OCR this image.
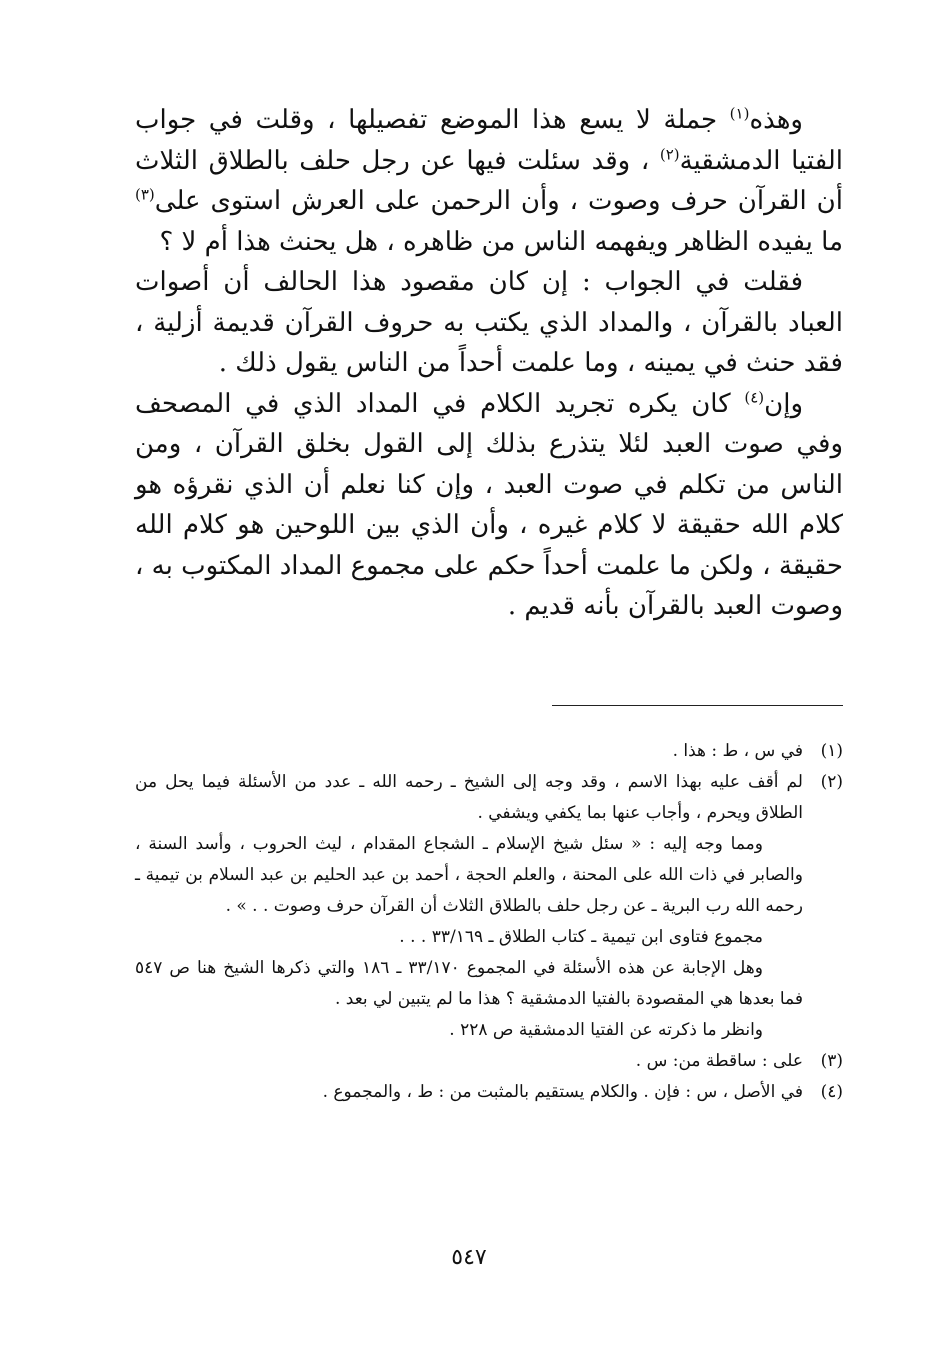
وهذه$^{(١)}$ جملة لا يسع هذا الموضع تفصيلها ، وقلت في جواب الفتيا الدمشقية$^{(٢)}$ ، وقد سئلت فيها عن رجل حلف بالطلاق الثلاث أن القرآن حرف وصوت ، وأن الرحمن على العرش استوى على$^{(٣)}$ ما يفيده الظاهر ويفهمه الناس من ظاهره ، هل يحنث هذا أم لا ؟

فقلت في الجواب : إن كان مقصود هذا الحالف أن أصوات العباد بالقرآن ، والمداد الذي يكتب به حروف القرآن قديمة أزلية ، فقد حنث في يمينه ، وما علمت أحداً من الناس يقول ذلك .

وإن$^{(٤)}$ كان يكره تجريد الكلام في المداد الذي في المصحف وفي صوت العبد لئلا يتذرع بذلك إلى القول بخلق القرآن ، ومن الناس من تكلم في صوت العبد ، وإن كنا نعلم أن الذي نقرؤه هو كلام الله حقيقة لا كلام غيره ، وأن الذي بين اللوحين هو كلام الله حقيقة ، ولكن ما علمت أحداً حكم على مجموع المداد المكتوب به ، وصوت العبد بالقرآن بأنه قديم .

(١)

في س ، ط : هذا .

(٢)

لم أقف عليه بهذا الاسم ، وقد وجه إلى الشيخ ـ رحمه الله ـ عدد من الأسئلة فيما يحل من الطلاق ويحرم ، وأجاب عنها بما يكفي ويشفي .

ومما وجه إليه : « سئل شيخ الإسلام ـ الشجاع المقدام ، ليث الحروب ، وأسد السنة ، والصابر في ذات الله على المحنة ، والعلم الحجة ، أحمد بن عبد الحليم بن عبد السلام بن تيمية ـ رحمه الله رب البرية ـ عن رجل حلف بالطلاق الثلاث أن القرآن حرف وصوت . . » .

مجموع فتاوى ابن تيمية ـ كتاب الطلاق ـ ٣٣/١٦٩ . . .

وهل الإجابة عن هذه الأسئلة في المجموع ٣٣/١٧٠ ـ ١٨٦ والتي ذكرها الشيخ هنا ص ٥٤٧ فما بعدها هي المقصودة بالفتيا الدمشقية ؟ هذا ما لم يتبين لي بعد .

وانظر ما ذكرته عن الفتيا الدمشقية ص ٢٢٨ .

(٣)

على : ساقطة من: س .

(٤)

في الأصل ، س : فإن . والكلام يستقيم بالمثبت من : ط ، والمجموع .

٥٤٧
